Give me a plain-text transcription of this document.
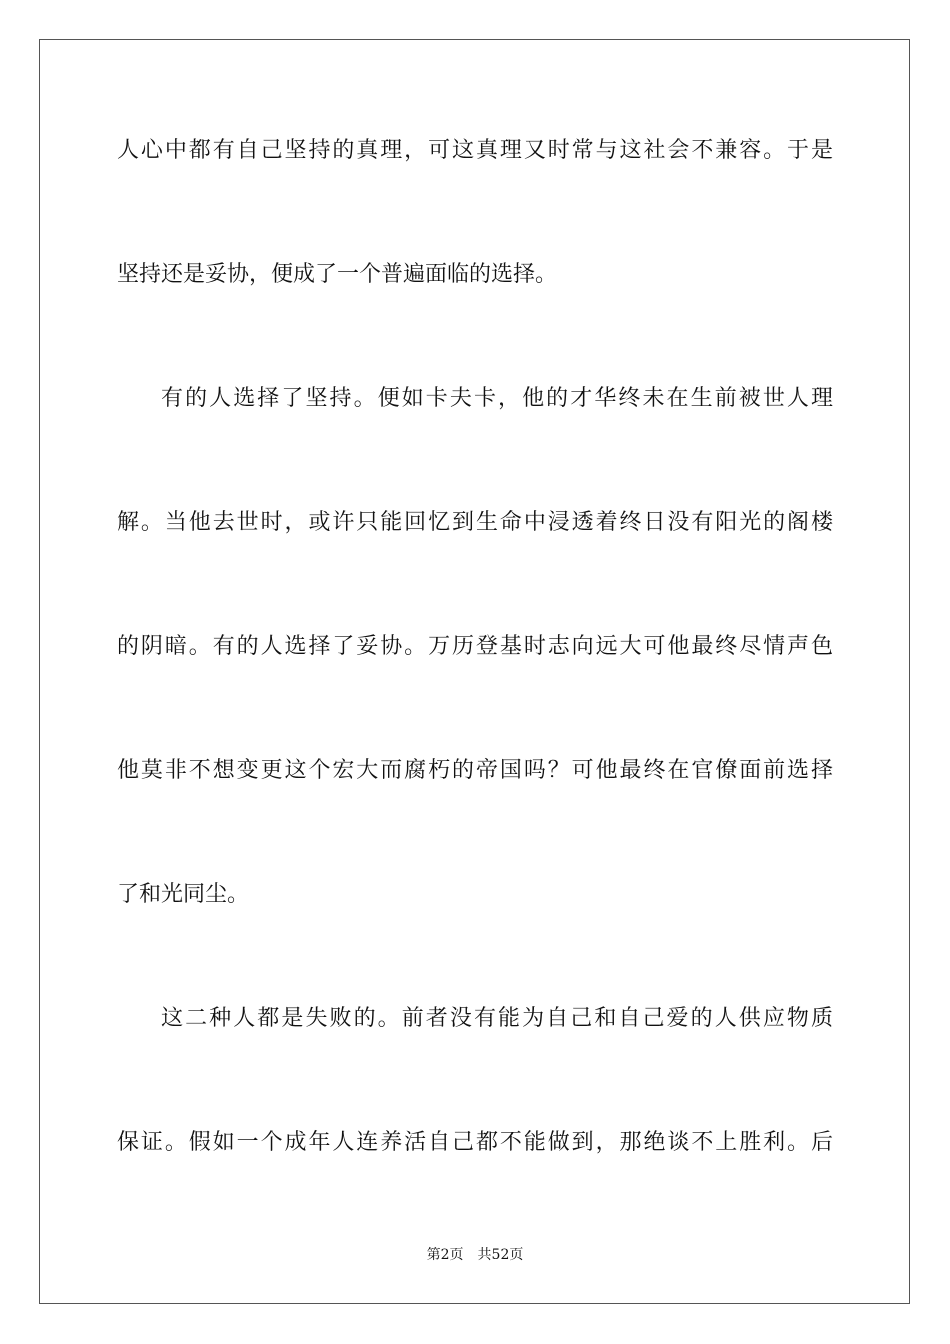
人心中都有自己坚持的真理，可这真理又时常与这社会不兼容。于是
坚持还是妥协，便成了一个普遍面临的选择。
有的人选择了坚持。便如卡夫卡，他的才华终未在生前被世人理
解。当他去世时，或许只能回忆到生命中浸透着终日没有阳光的阁楼
的阴暗。有的人选择了妥协。万历登基时志向远大可他最终尽情声色
他莫非不想变更这个宏大而腐朽的帝国吗？可他最终在官僚面前选择
了和光同尘。
这二种人都是失败的。前者没有能为自己和自己爱的人供应物质
保证。假如一个成年人连养活自己都不能做到，那绝谈不上胜利。后
第2页 共52页
